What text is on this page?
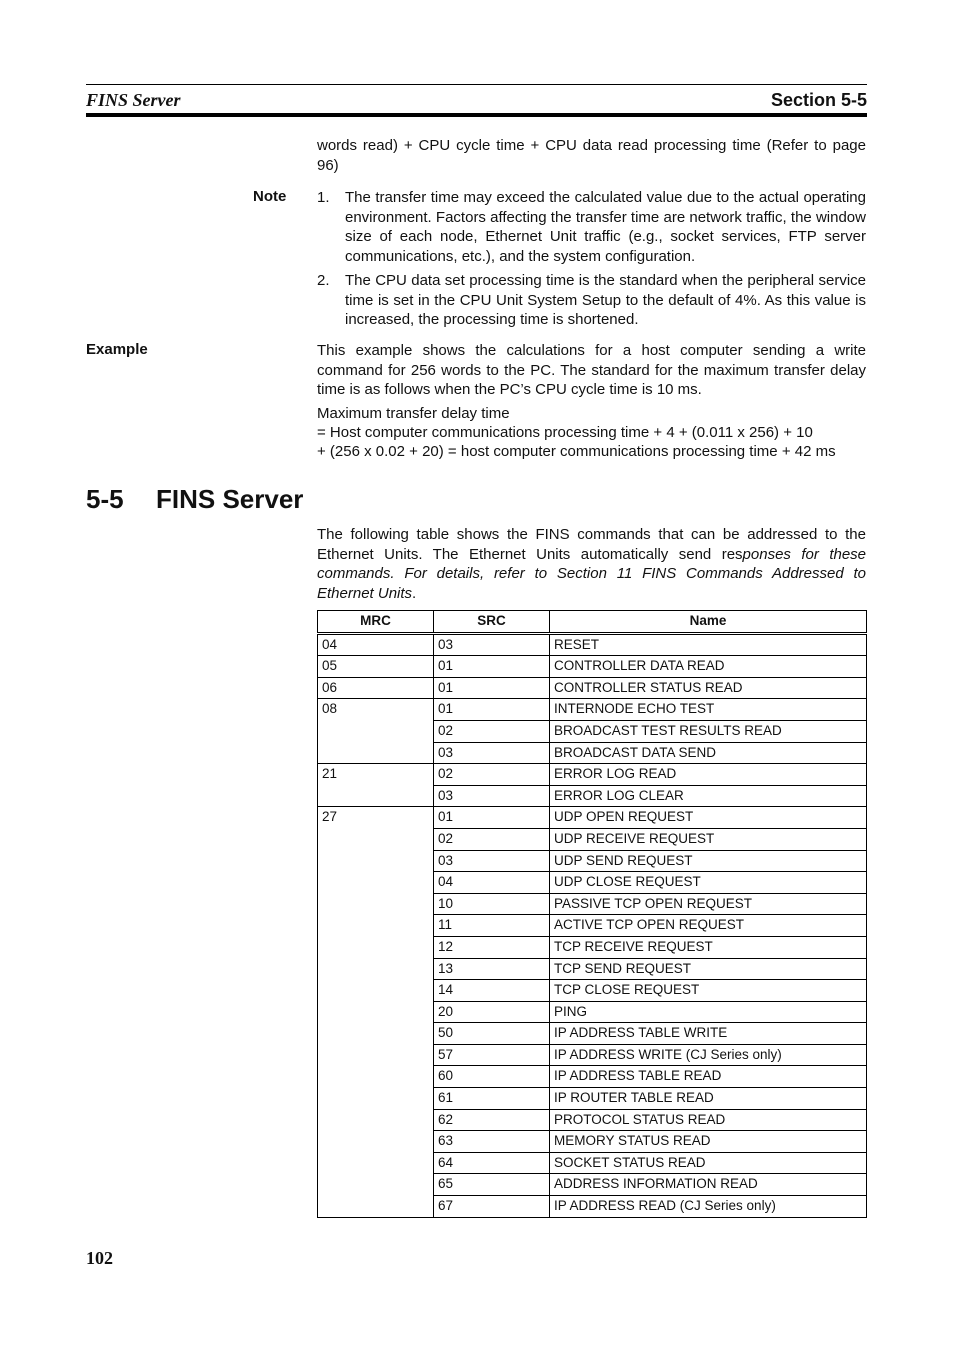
FINS Server	Section 5-5
words read) + CPU cycle time + CPU data read processing time (Refer to page 96)
Note 1.	The transfer time may exceed the calculated value due to the actual operating environment. Factors affecting the transfer time are network traffic, the window size of each node, Ethernet Unit traffic (e.g., socket services, FTP server communications, etc.), and the system configuration.
2.	The CPU data set processing time is the standard when the peripheral service time is set in the CPU Unit System Setup to the default of 4%. As this value is increased, the processing time is shortened.
Example	This example shows the calculations for a host computer sending a write command for 256 words to the PC. The standard for the maximum transfer delay time is as follows when the PC’s CPU cycle time is 10 ms.
Maximum transfer delay time
= Host computer communications processing time + 4 + (0.011 x 256) + 10
+ (256 x 0.02 + 20) = host computer communications processing time + 42 ms
5-5 FINS Server
The following table shows the FINS commands that can be addressed to the Ethernet Units. The Ethernet Units automatically send responses for these commands. For details, refer to Section 11 FINS Commands Addressed to Ethernet Units.
MRC	SRC	Name
04	03	RESET
05	01	CONTROLLER DATA READ
06	01	CONTROLLER STATUS READ
08	01	INTERNODE ECHO TEST
	02	BROADCAST TEST RESULTS READ
	03	BROADCAST DATA SEND
21	02	ERROR LOG READ
	03	ERROR LOG CLEAR
27	01	UDP OPEN REQUEST
	02	UDP RECEIVE REQUEST
	03	UDP SEND REQUEST
	04	UDP CLOSE REQUEST
	10	PASSIVE TCP OPEN REQUEST
	11	ACTIVE TCP OPEN REQUEST
	12	TCP RECEIVE REQUEST
	13	TCP SEND REQUEST
	14	TCP CLOSE REQUEST
	20	PING
	50	IP ADDRESS TABLE WRITE
	57	IP ADDRESS WRITE (CJ Series only)
	60	IP ADDRESS TABLE READ
	61	IP ROUTER TABLE READ
	62	PROTOCOL STATUS READ
	63	MEMORY STATUS READ
	64	SOCKET STATUS READ
	65	ADDRESS INFORMATION READ
	67	IP ADDRESS READ (CJ Series only)
102
